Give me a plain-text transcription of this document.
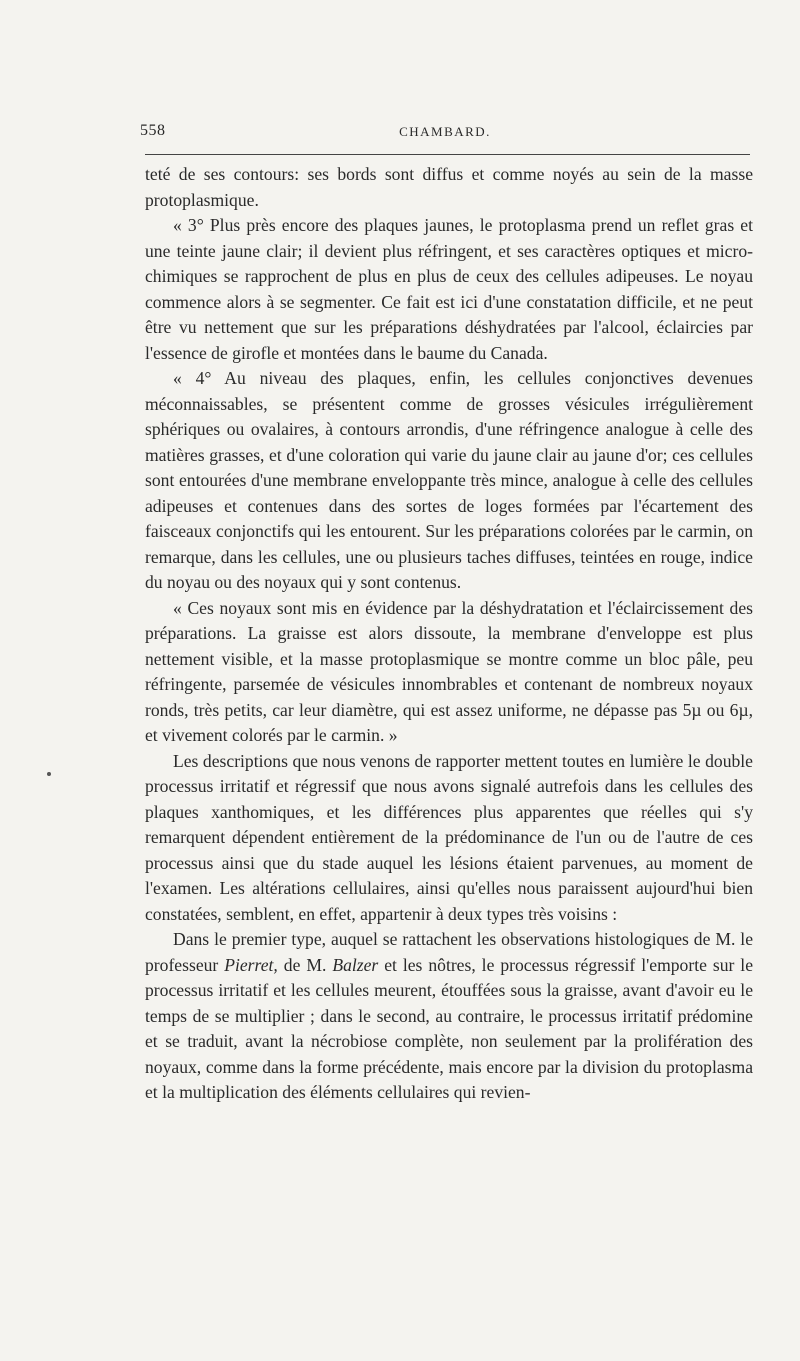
558	CHAMBARD.

teté de ses contours: ses bords sont diffus et comme noyés au sein de la masse protoplasmique.

« 3° Plus près encore des plaques jaunes, le protoplasma prend un reflet gras et une teinte jaune clair; il devient plus réfringent, et ses caractères optiques et micro-chimiques se rapprochent de plus en plus de ceux des cellules adipeuses. Le noyau commence alors à se segmenter. Ce fait est ici d'une constatation difficile, et ne peut être vu nettement que sur les préparations déshydratées par l'alcool, éclaircies par l'essence de girofle et montées dans le baume du Canada.

« 4° Au niveau des plaques, enfin, les cellules conjonctives devenues méconnaissables, se présentent comme de grosses vésicules irrégulièrement sphériques ou ovalaires, à contours arrondis, d'une réfringence analogue à celle des matières grasses, et d'une coloration qui varie du jaune clair au jaune d'or; ces cellules sont entourées d'une membrane enveloppante très mince, analogue à celle des cellules adipeuses et contenues dans des sortes de loges formées par l'écartement des faisceaux conjonctifs qui les entourent. Sur les préparations colorées par le carmin, on remarque, dans les cellules, une ou plusieurs taches diffuses, teintées en rouge, indice du noyau ou des noyaux qui y sont contenus.

« Ces noyaux sont mis en évidence par la déshydratation et l'éclaircissement des préparations. La graisse est alors dissoute, la membrane d'enveloppe est plus nettement visible, et la masse protoplasmique se montre comme un bloc pâle, peu réfringente, parsemée de vésicules innombrables et contenant de nombreux noyaux ronds, très petits, car leur diamètre, qui est assez uniforme, ne dépasse pas 5µ ou 6µ, et vivement colorés par le carmin. »

Les descriptions que nous venons de rapporter mettent toutes en lumière le double processus irritatif et régressif que nous avons signalé autrefois dans les cellules des plaques xanthomiques, et les différences plus apparentes que réelles qui s'y remarquent dépendent entièrement de la prédominance de l'un ou de l'autre de ces processus ainsi que du stade auquel les lésions étaient parvenues, au moment de l'examen. Les altérations cellulaires, ainsi qu'elles nous paraissent aujourd'hui bien constatées, semblent, en effet, appartenir à deux types très voisins :

Dans le premier type, auquel se rattachent les observations histologiques de M. le professeur Pierret, de M. Balzer et les nôtres, le processus régressif l'emporte sur le processus irritatif et les cellules meurent, étouffées sous la graisse, avant d'avoir eu le temps de se multiplier ; dans le second, au contraire, le processus irritatif prédomine et se traduit, avant la nécrobiose complète, non seulement par la prolifération des noyaux, comme dans la forme précédente, mais encore par la division du protoplasma et la multiplication des éléments cellulaires qui revien-
